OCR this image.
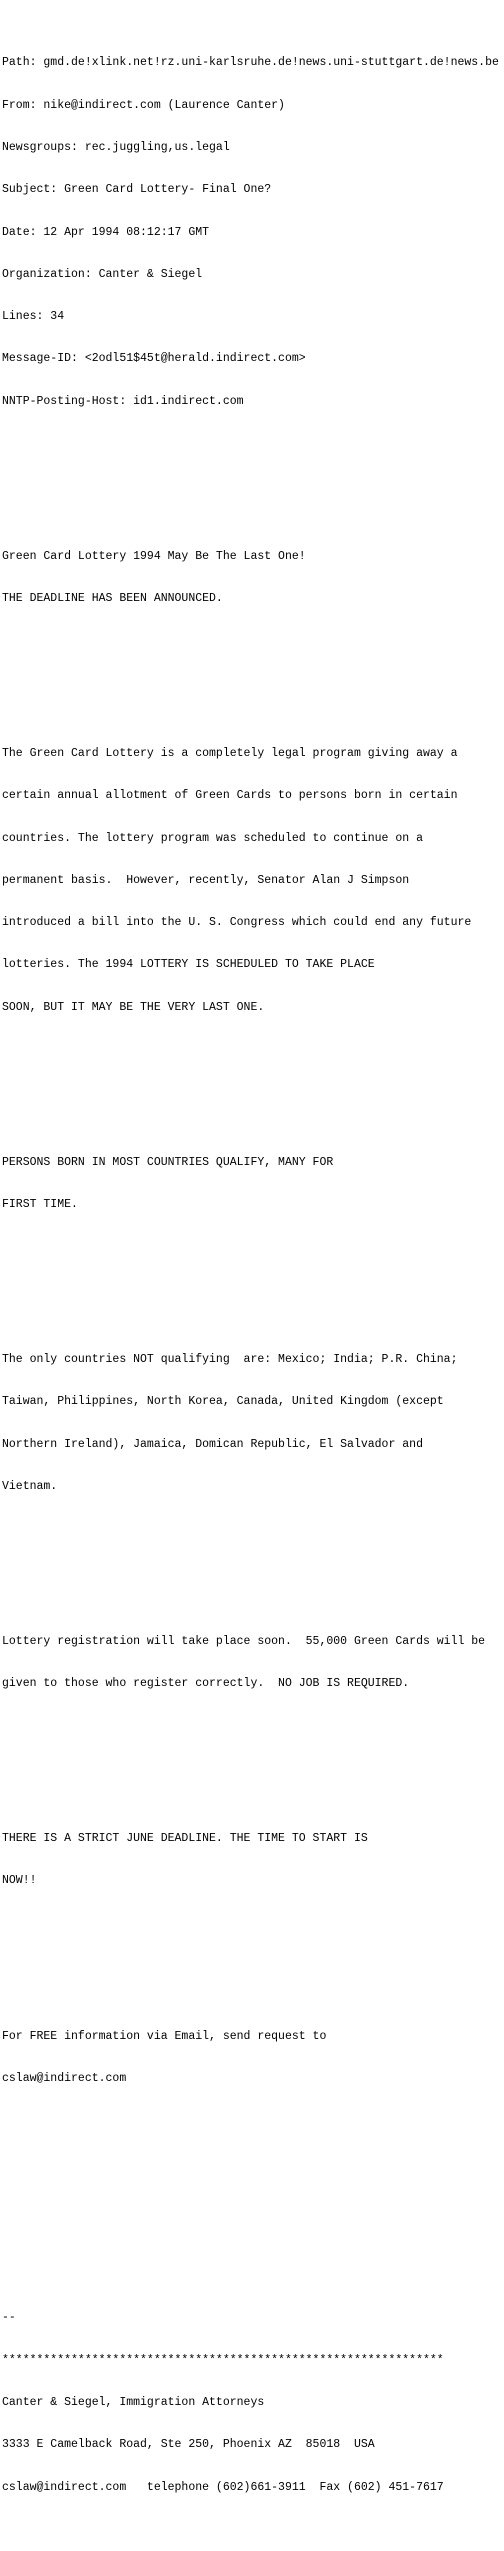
Path: gmd.de!xlink.net!rz.uni-karlsruhe.de!news.uni-stuttgart.de!news.be

From: nike@indirect.com (Laurence Canter)

Newsgroups: rec.juggling,us.legal

Subject: Green Card Lottery- Final One?

Date: 12 Apr 1994 08:12:17 GMT

Organization: Canter & Siegel

Lines: 34

Message-ID: <2odl51$45t@herald.indirect.com>

NNTP-Posting-Host: id1.indirect.com

Green Card Lottery 1994 May Be The Last One!

THE DEADLINE HAS BEEN ANNOUNCED.

The Green Card Lottery is a completely legal program giving away a

certain annual allotment of Green Cards to persons born in certain

countries. The lottery program was scheduled to continue on a

permanent basis.  However, recently, Senator Alan J Simpson

introduced a bill into the U. S. Congress which could end any future

lotteries. The 1994 LOTTERY IS SCHEDULED TO TAKE PLACE

SOON, BUT IT MAY BE THE VERY LAST ONE.

PERSONS BORN IN MOST COUNTRIES QUALIFY, MANY FOR

FIRST TIME.

The only countries NOT qualifying  are: Mexico; India; P.R. China;

Taiwan, Philippines, North Korea, Canada, United Kingdom (except

Northern Ireland), Jamaica, Domican Republic, El Salvador and

Vietnam.

Lottery registration will take place soon.  55,000 Green Cards will be

given to those who register correctly.  NO JOB IS REQUIRED.

THERE IS A STRICT JUNE DEADLINE. THE TIME TO START IS

NOW!!

For FREE information via Email, send request to

cslaw@indirect.com

--

****************************************************************

Canter & Siegel, Immigration Attorneys

3333 E Camelback Road, Ste 250, Phoenix AZ  85018  USA

cslaw@indirect.com   telephone (602)661-3911  Fax (602) 451-7617
